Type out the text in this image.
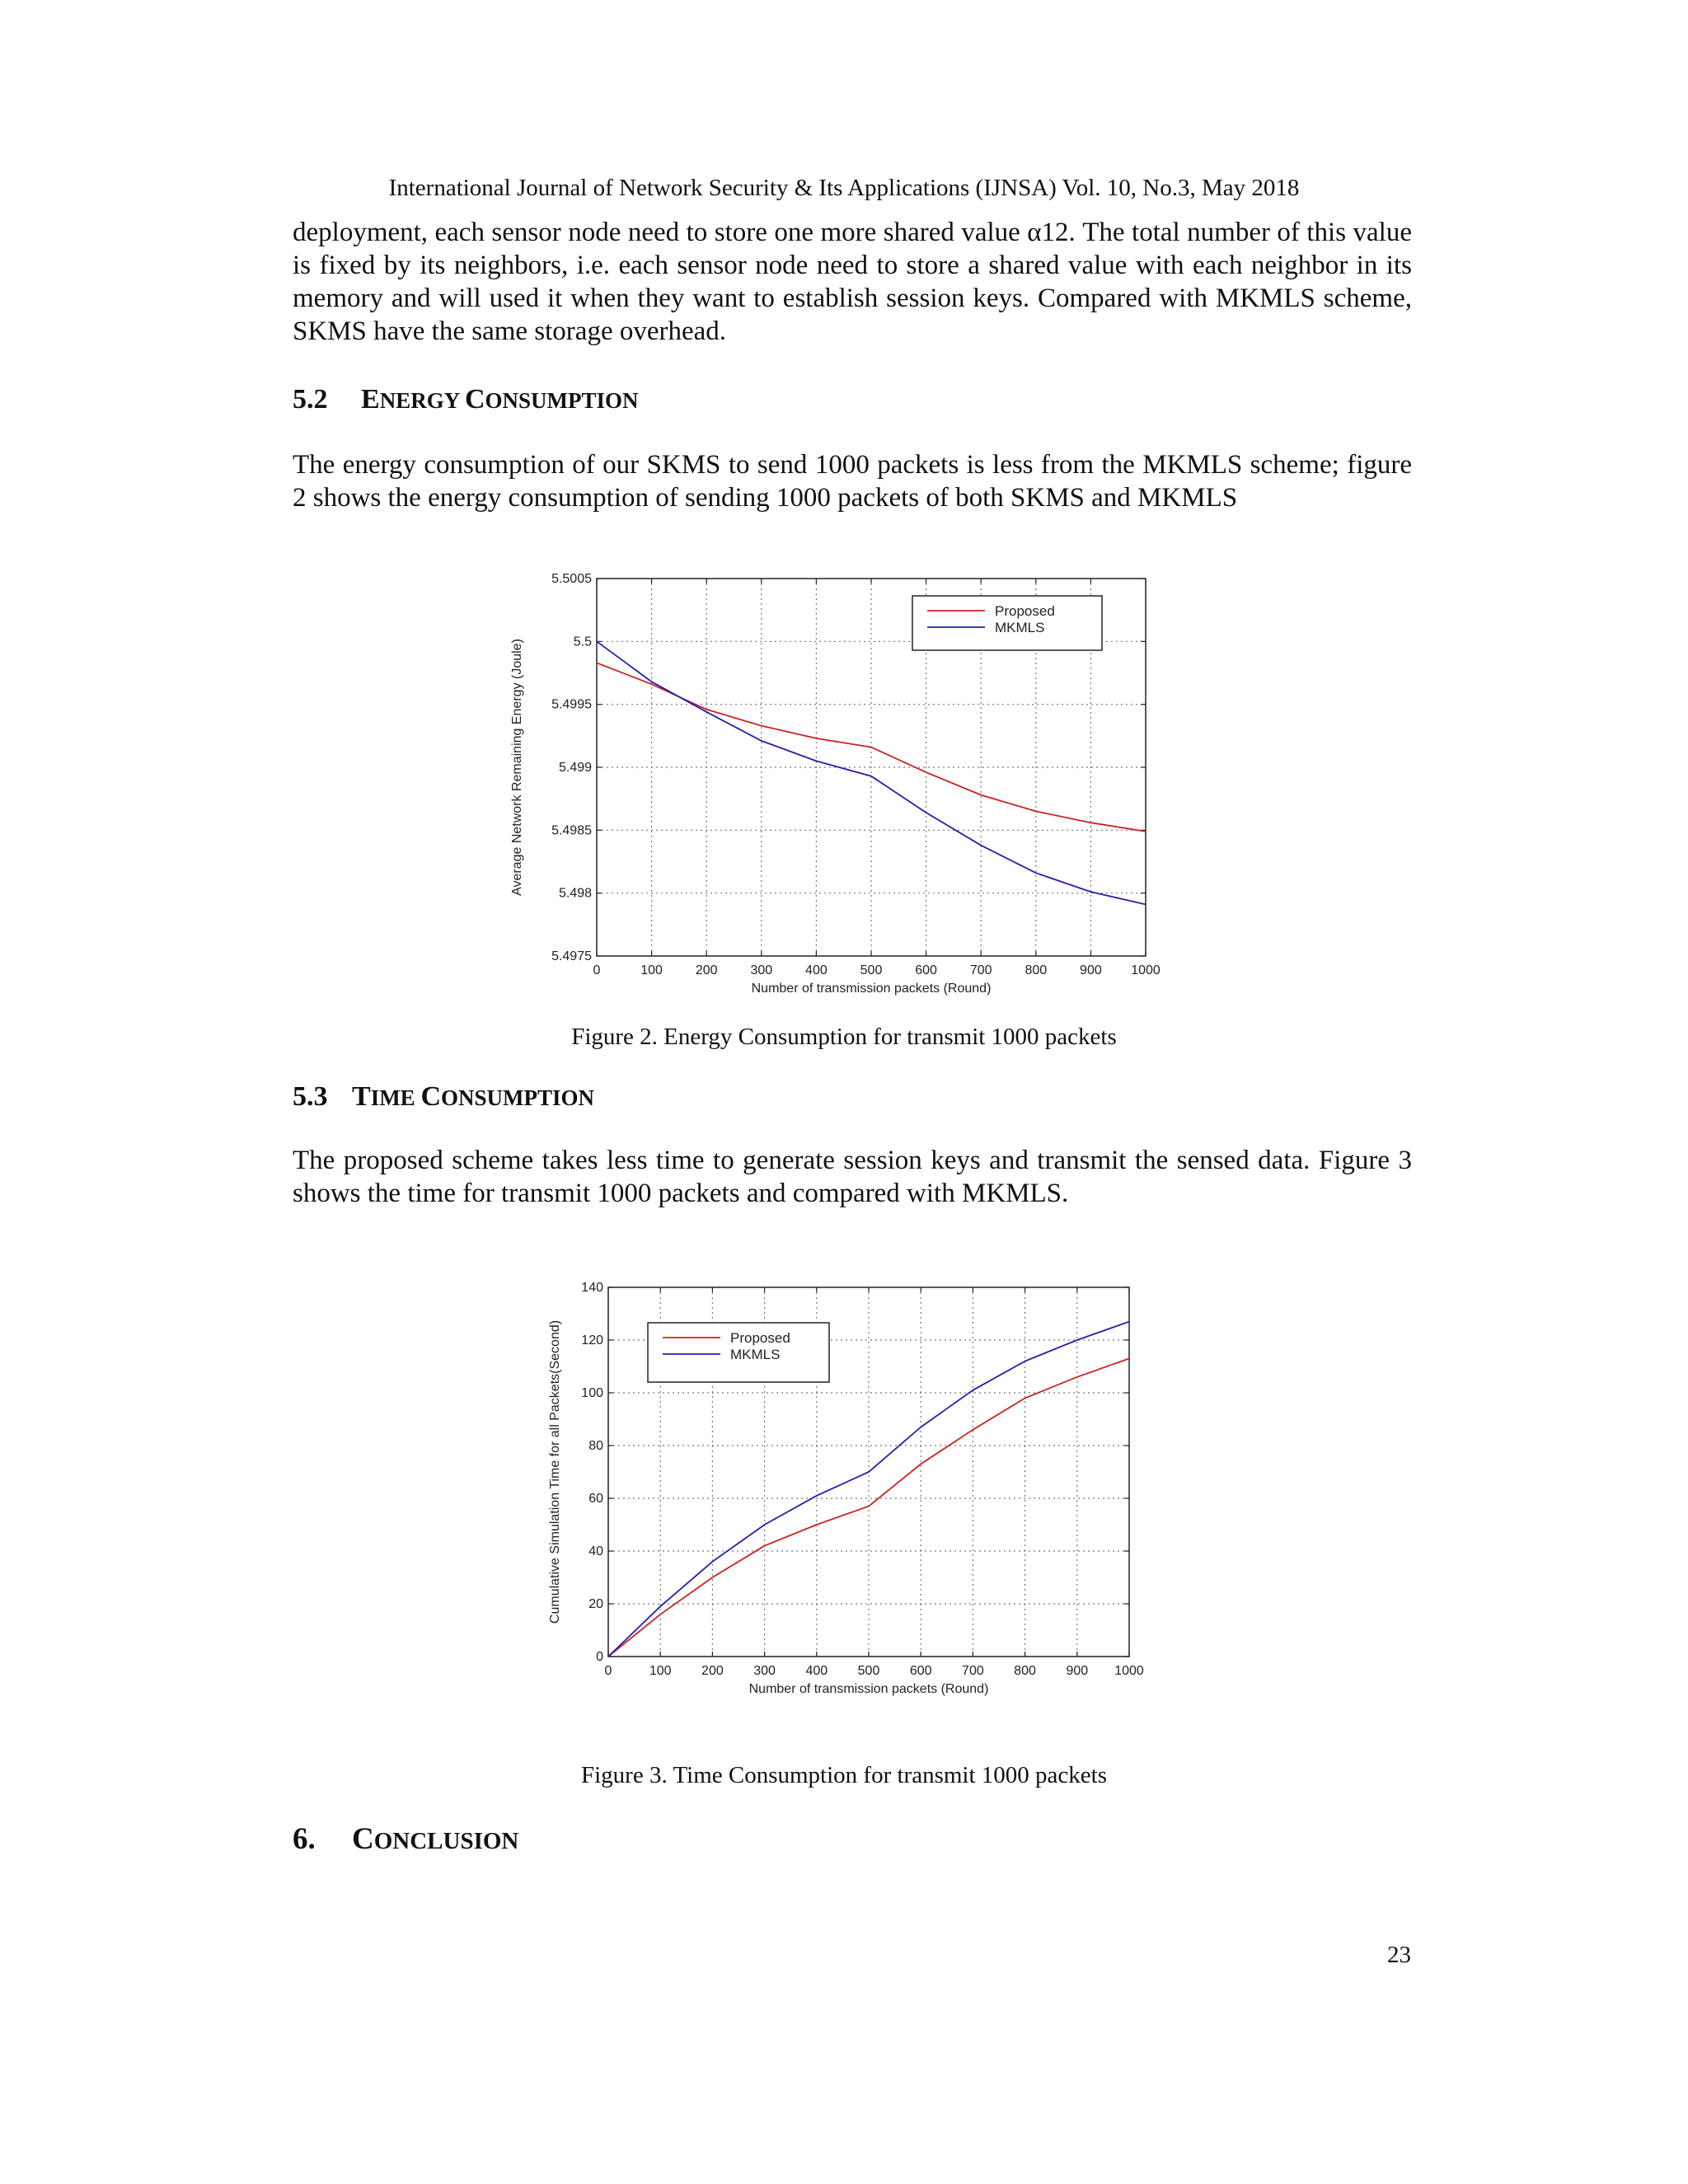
International Journal of Network Security & Its Applications (IJNSA) Vol. 10, No.3, May 2018

deployment, each sensor node need to store one more shared value α12. The total number of this value is fixed by its neighbors, i.e. each sensor node need to store a shared value with each neighbor in its memory and will used it when they want to establish session keys. Compared with MKMLS scheme, SKMS have the same storage overhead.

5.2 ENERGY CONSUMPTION

The energy consumption of our SKMS to send 1000 packets is less from the MKMLS scheme; figure 2 shows the energy consumption of sending 1000 packets of both SKMS and MKMLS

0	100 200 300 400 500 600 700 800 900 1000
5.4975
5.498
5.4985
5.499
5.4995
5.5
5.5005
Number of transmission packets (Round)
Average Network Remaining Energy (Joule)
Proposed
MKMLS
Figure 2. Energy Consumption for transmit 1000 packets
5.3 TIME CONSUMPTION

The proposed scheme takes less time to generate session keys and transmit the sensed data. Figure 3 shows the time for transmit 1000 packets and compared with MKMLS.

0	100 200 300 400 500 600 700 800 900 1000
0
20
40
60
80
100
120
140
Number of transmission packets (Round)
Cumulative Simulation Time for all Packets(Second)	Proposed
MKMLS
Figure 3. Time Consumption for transmit 1000 packets
6. CONCLUSION
23
